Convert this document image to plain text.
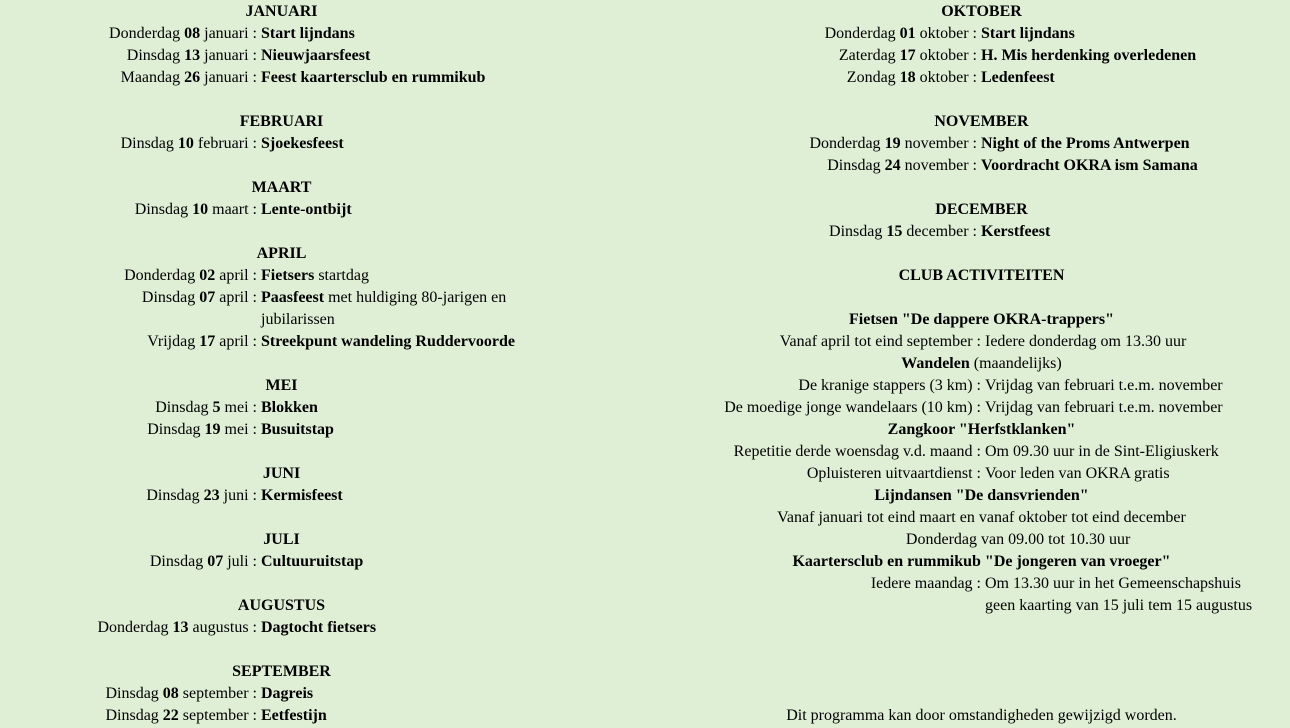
JANUARI
Donderdag 08 januari : Start lijndans
Dinsdag 13 januari : Nieuwjaarsfeest
Maandag 26 januari : Feest kaartersclub en rummikub
FEBRUARI
Dinsdag 10 februari : Sjoekesfeest
MAART
Dinsdag 10 maart : Lente-ontbijt
APRIL
Donderdag 02 april : Fietsers startdag
Dinsdag 07 april : Paasfeest met huldiging 80-jarigen en
jubilarissen
Vrijdag 17 april : Streekpunt wandeling Ruddervoorde
MEI
Dinsdag 5 mei : Blokken
Dinsdag 19 mei : Busuitstap
JUNI
Dinsdag 23 juni : Kermisfeest
JULI
Dinsdag 07 juli : Cultuuruitstap
AUGUSTUS
Donderdag 13 augustus : Dagtocht fietsers
SEPTEMBER
Dinsdag 08 september : Dagreis
Dinsdag 22 september : Eetfestijn
OKTOBER
Donderdag 01 oktober : Start lijndans
Zaterdag 17 oktober : H. Mis herdenking overledenen
Zondag 18 oktober : Ledenfeest
NOVEMBER
Donderdag 19 november : Night of the Proms Antwerpen
Dinsdag 24 november : Voordracht OKRA ism Samana
DECEMBER
Dinsdag 15 december : Kerstfeest
CLUB ACTIVITEITEN
Fietsen "De dappere OKRA-trappers"
Vanaf april tot eind september : Iedere donderdag om 13.30 uur
Wandelen (maandelijks)
De kranige stappers (3 km) : Vrijdag van februari t.e.m. november
De moedige jonge wandelaars (10 km) : Vrijdag van februari t.e.m. november
Zangkoor "Herfstklanken"
Repetitie derde woensdag v.d. maand : Om 09.30 uur in de Sint-Eligiuskerk
Opluisteren uitvaartdienst : Voor leden van OKRA gratis
Lijndansen "De dansvrienden"
Vanaf januari tot eind maart en vanaf oktober tot eind december
Donderdag van 09.00 tot 10.30 uur
Kaartersclub en rummikub "De jongeren van vroeger"
Iedere maandag : Om 13.30 uur in het Gemeenschapshuis
geen kaarting van 15 juli tem 15 augustus
Dit programma kan door omstandigheden gewijzigd worden.
